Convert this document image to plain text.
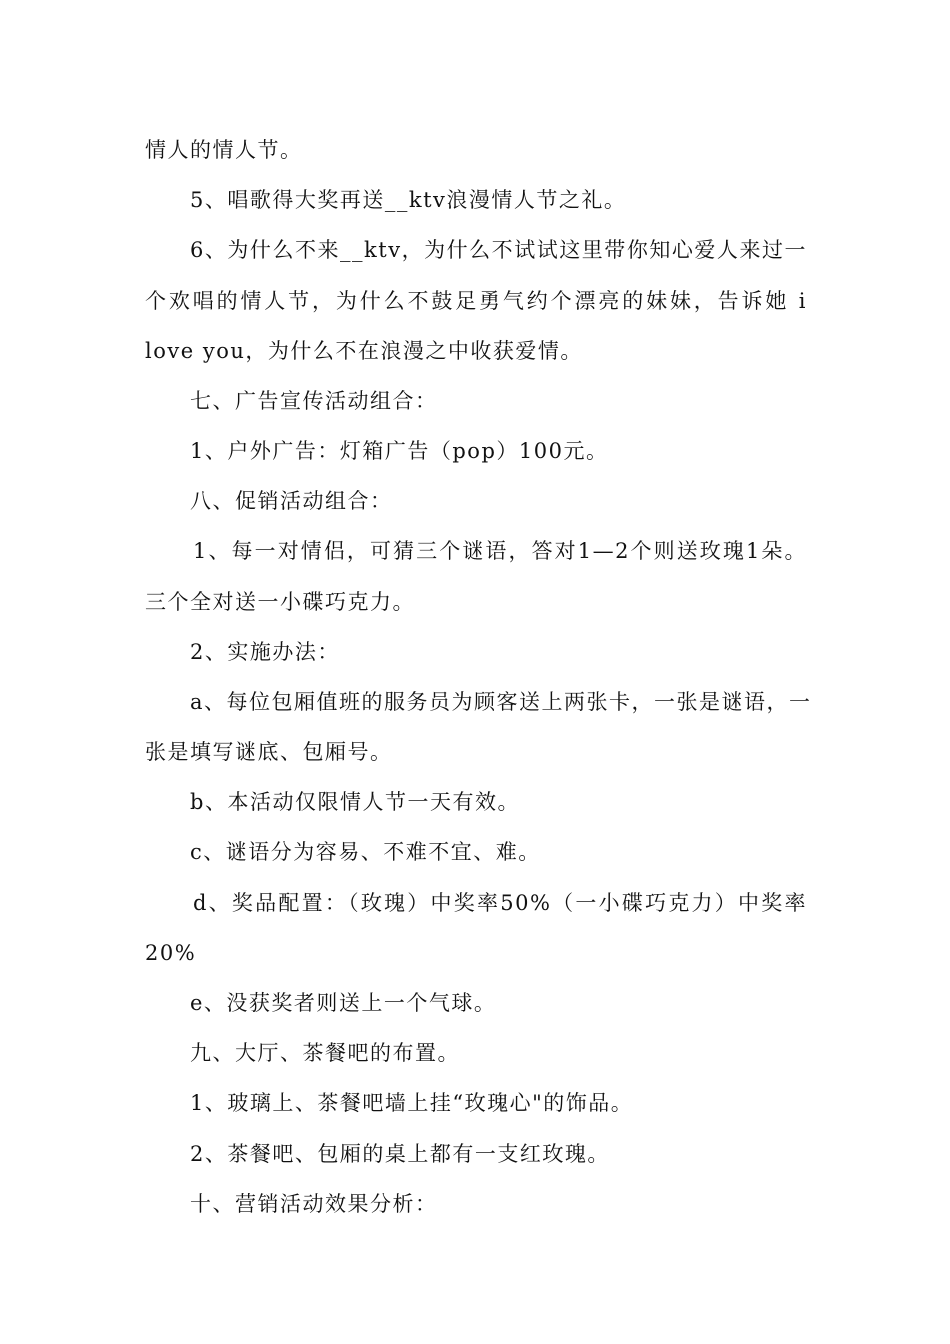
情人的情人节。
5、唱歌得大奖再送__ktv浪漫情人节之礼。
6、为什么不来__ktv，为什么不试试这里带你知心爱人来过一
个欢唱的情人节，为什么不鼓足勇气约个漂亮的妹妹，告诉她 i
love you，为什么不在浪漫之中收获爱情。
七、广告宣传活动组合：
1、户外广告：灯箱广告（pop）100元。
八、促销活动组合：
1、每一对情侣，可猜三个谜语，答对1—2个则送玫瑰1朵。
三个全对送一小碟巧克力。
2、实施办法：
a、每位包厢值班的服务员为顾客送上两张卡，一张是谜语，一
张是填写谜底、包厢号。
b、本活动仅限情人节一天有效。
c、谜语分为容易、不难不宜、难。
d、奖品配置：（玫瑰）中奖率50%（一小碟巧克力）中奖率
20%
e、没获奖者则送上一个气球。
九、大厅、茶餐吧的布置。
1、玻璃上、茶餐吧墙上挂“玫瑰心"的饰品。
2、茶餐吧、包厢的桌上都有一支红玫瑰。
十、营销活动效果分析：
